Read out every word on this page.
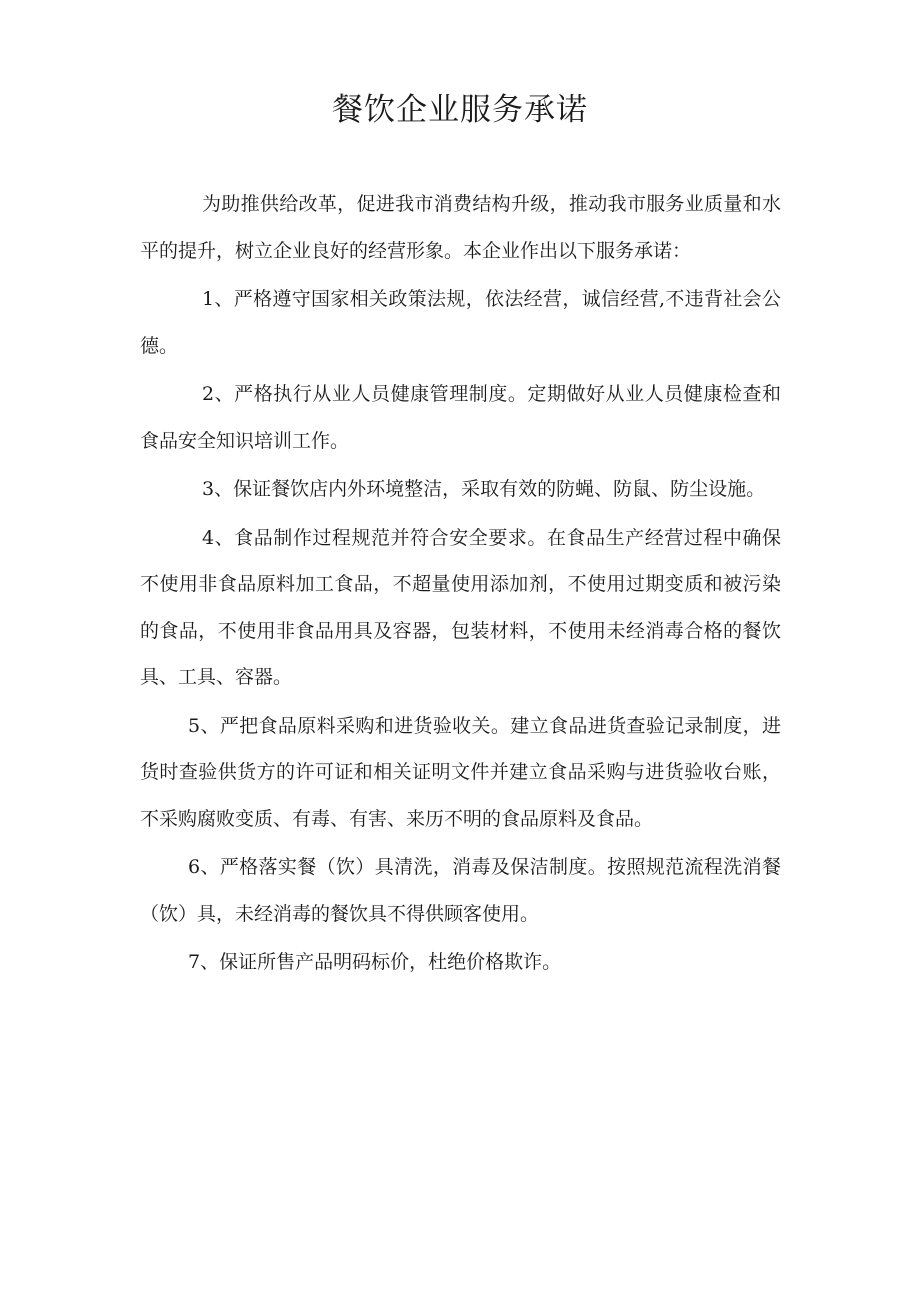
餐饮企业服务承诺

为助推供给改革，促进我市消费结构升级，推动我市服务业质量和水平的提升，树立企业良好的经营形象。本企业作出以下服务承诺：

1、严格遵守国家相关政策法规，依法经营，诚信经营,不违背社会公德。

2、严格执行从业人员健康管理制度。定期做好从业人员健康检查和食品安全知识培训工作。

3、保证餐饮店内外环境整洁，采取有效的防蝇、防鼠、防尘设施。

4、食品制作过程规范并符合安全要求。在食品生产经营过程中确保不使用非食品原料加工食品，不超量使用添加剂，不使用过期变质和被污染的食品，不使用非食品用具及容器，包装材料，不使用未经消毒合格的餐饮具、工具、容器。

5、严把食品原料采购和进货验收关。建立食品进货查验记录制度，进货时查验供货方的许可证和相关证明文件并建立食品采购与进货验收台账，不采购腐败变质、有毒、有害、来历不明的食品原料及食品。

6、严格落实餐（饮）具清洗，消毒及保洁制度。按照规范流程洗消餐（饮）具，未经消毒的餐饮具不得供顾客使用。

7、保证所售产品明码标价，杜绝价格欺诈。
